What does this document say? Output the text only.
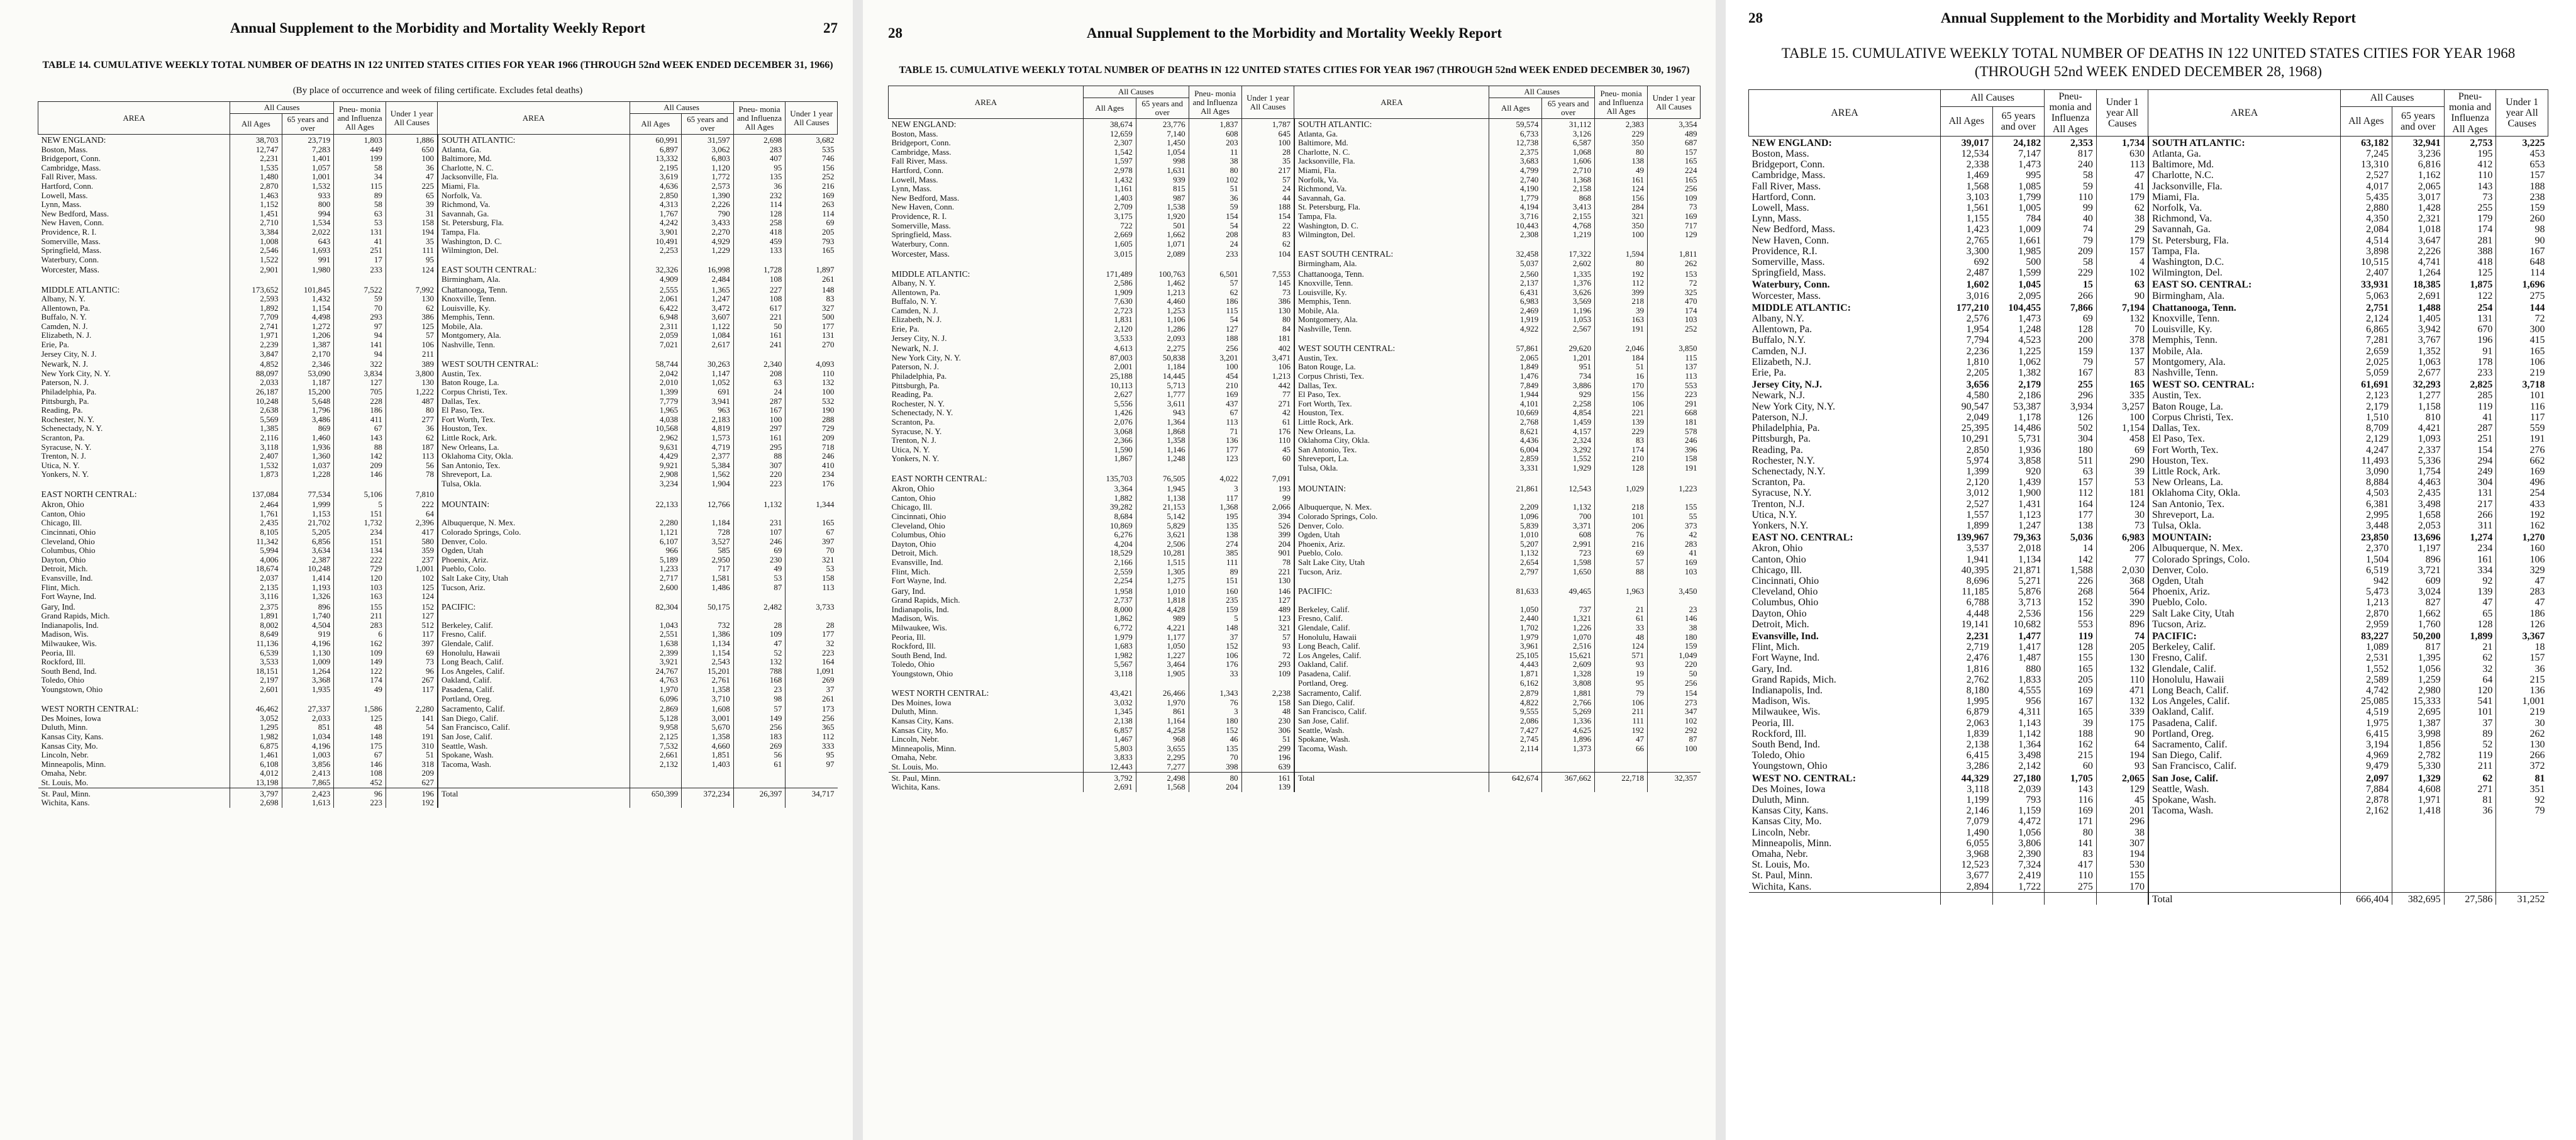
Annual Supplement to the Morbidity and Mortality Weekly Report	27
TABLE 14. CUMULATIVE WEEKLY TOTAL NUMBER OF DEATHS IN 122 UNITED STATES CITIES FOR YEAR 1966 (THROUGH 52nd WEEK ENDED DECEMBER 31, 1966)
(By place of occurrence and week of filing certificate. Excludes fetal deaths)
AREA	All Causes		Pneu- monia and Influenza All Ages	Under 1 year All Causes	AREA	All Causes		Pneu- monia and Influenza All Ages	Under 1 year All Causes
	All Ages	65 years and over				All Ages	65 years and over		
NEW ENGLAND:	38,703	23,719	1,803	1,886	SOUTH ATLANTIC:	60,991	31,597	2,698	3,682
Boston, Mass.	12,747	7,283	449	650	Atlanta, Ga.	6,897	3,062	283	535
Bridgeport, Conn.	2,231	1,401	199	100	Baltimore, Md.	13,332	6,803	407	746
Cambridge, Mass.	1,535	1,057	58	36	Charlotte, N. C.	2,195	1,120	95	156
Fall River, Mass.	1,480	1,001	34	47	Jacksonville, Fla.	3,619	1,772	135	252
Hartford, Conn.	2,870	1,532	115	225	Miami, Fla.	4,636	2,573	36	216
Lowell, Mass.	1,463	933	89	65	Norfolk, Va.	2,850	1,390	232	169
Lynn, Mass.	1,152	800	58	39	Richmond, Va.	4,313	2,226	114	263
New Bedford, Mass.	1,451	994	63	31	Savannah, Ga.	1,767	790	128	114
New Haven, Conn.	2,710	1,534	53	158	St. Petersburg, Fla.	4,242	3,433	258	69
Providence, R. I.	3,384	2,022	131	194	Tampa, Fla.	3,901	2,270	418	205
Somerville, Mass.	1,008	643	41	35	Washington, D. C.	10,491	4,929	459	793
Springfield, Mass.	2,546	1,693	251	111	Wilmington, Del.	2,253	1,229	133	165
Waterbury, Conn.	1,522	991	17	95					
Worcester, Mass.	2,901	1,980	233	124	EAST SOUTH CENTRAL:	32,326	16,998	1,728	1,897
					Birmingham, Ala.	4,909	2,484	108	261
MIDDLE ATLANTIC:	173,652	101,845	7,522	7,992	Chattanooga, Tenn.	2,555	1,365	227	148
Albany, N. Y.	2,593	1,432	59	130	Knoxville, Tenn.	2,061	1,247	108	83
Allentown, Pa.	1,892	1,154	70	62	Louisville, Ky.	6,422	3,472	617	327
Buffalo, N. Y.	7,709	4,498	293	386	Memphis, Tenn.	6,948	3,607	221	500
Camden, N. J.	2,741	1,272	97	125	Mobile, Ala.	2,311	1,122	50	177
Elizabeth, N. J.	1,971	1,206	94	57	Montgomery, Ala.	2,059	1,084	161	131
Erie, Pa.	2,239	1,387	141	106	Nashville, Tenn.	7,021	2,617	241	270
Jersey City, N. J.	3,847	2,170	94	211					
Newark, N. J.	4,852	2,346	322	389	WEST SOUTH CENTRAL:	58,744	30,263	2,340	4,093
New York City, N. Y.	88,097	53,090	3,834	3,800	Austin, Tex.	2,042	1,147	208	110
Paterson, N. J.	2,033	1,187	127	130	Baton Rouge, La.	2,010	1,052	63	132
Philadelphia, Pa.	26,187	15,200	705	1,222	Corpus Christi, Tex.	1,399	691	24	100
Pittsburgh, Pa.	10,248	5,648	228	487	Dallas, Tex.	7,779	3,941	287	532
Reading, Pa.	2,638	1,796	186	80	El Paso, Tex.	1,965	963	167	190
Rochester, N. Y.	5,569	3,486	411	277	Fort Worth, Tex.	4,038	2,183	100	288
Schenectady, N. Y.	1,385	869	67	36	Houston, Tex.	10,568	4,819	297	729
Scranton, Pa.	2,116	1,460	143	62	Little Rock, Ark.	2,962	1,573	161	209
Syracuse, N. Y.	3,118	1,936	88	187	New Orleans, La.	9,631	4,719	295	718
Trenton, N. J.	2,407	1,360	142	113	Oklahoma City, Okla.	4,429	2,377	88	246
Utica, N. Y.	1,532	1,037	209	56	San Antonio, Tex.	9,921	5,384	307	410
Yonkers, N. Y.	1,873	1,228	146	78	Shreveport, La.	2,908	1,562	220	234
					Tulsa, Okla.	3,234	1,904	223	176
EAST NORTH CENTRAL:	137,084	77,534	5,106	7,810					
Akron, Ohio	2,464	1,999	5	222	MOUNTAIN:	22,133	12,766	1,132	1,344
Canton, Ohio	1,761	1,153	151	64					
Chicago, Ill.	2,435	21,702	1,732	2,396	Albuquerque, N. Mex.	2,280	1,184	231	165
Cincinnati, Ohio	8,105	5,205	234	417	Colorado Springs, Colo.	1,121	728	107	67
Cleveland, Ohio	11,342	6,856	151	580	Denver, Colo.	6,107	3,527	246	397
Columbus, Ohio	5,994	3,634	134	359	Ogden, Utah	966	585	69	70
Dayton, Ohio	4,006	2,387	222	237	Phoenix, Ariz.	5,189	2,950	230	321
Detroit, Mich.	18,674	10,248	729	1,001	Pueblo, Colo.	1,233	717	49	53
Evansville, Ind.	2,037	1,414	120	102	Salt Lake City, Utah	2,717	1,581	53	158
Flint, Mich.	2,135	1,193	103	125	Tucson, Ariz.	2,600	1,486	87	113
Fort Wayne, Ind.	3,116	1,326	163	124					
Gary, Ind.	2,375	896	155	152	PACIFIC:	82,304	50,175	2,482	3,733
Grand Rapids, Mich.	1,891	1,740	211	127					
Indianapolis, Ind.	8,002	4,504	283	512	Berkeley, Calif.	1,043	732	28	28
Madison, Wis.	8,649	919	6	117	Fresno, Calif.	2,551	1,386	109	177
Milwaukee, Wis.	11,136	4,196	162	397	Glendale, Calif.	1,638	1,134	47	32
Peoria, Ill.	6,539	1,130	109	69	Honolulu, Hawaii	2,399	1,154	52	223
Rockford, Ill.	3,533	1,009	149	73	Long Beach, Calif.	3,921	2,543	132	164
South Bend, Ind.	18,151	1,264	122	96	Los Angeles, Calif.	24,767	15,201	788	1,091
Toledo, Ohio	2,197	3,368	174	267	Oakland, Calif.	4,763	2,761	168	269
Youngstown, Ohio	2,601	1,935	49	117	Pasadena, Calif.	1,970	1,358	23	37
					Portland, Oreg.	6,096	3,710	98	261
WEST NORTH CENTRAL:	46,462	27,337	1,586	2,280	Sacramento, Calif.	2,869	1,608	57	173
Des Moines, Iowa	3,052	2,033	125	141	San Diego, Calif.	5,128	3,001	149	256
Duluth, Minn.	1,295	851	48	54	San Francisco, Calif.	9,958	5,670	256	365
Kansas City, Kans.	1,982	1,034	148	191	San Jose, Calif.	2,125	1,358	183	112
Kansas City, Mo.	6,875	4,196	175	310	Seattle, Wash.	7,532	4,660	269	333
Lincoln, Nebr.	1,461	1,003	67	51	Spokane, Wash.	2,661	1,851	56	95
Minneapolis, Minn.	6,108	3,856	146	318	Tacoma, Wash.	2,132	1,403	61	97
Omaha, Nebr.	4,012	2,413	108	209					
St. Louis, Mo.	13,198	7,865	452	627					
St. Paul, Minn.	3,797	2,423	96	196	Total	650,399	372,234	26,397	34,717
Wichita, Kans.	2,698	1,613	223	192					
28	Annual Supplement to the Morbidity and Mortality Weekly Report
TABLE 15. CUMULATIVE WEEKLY TOTAL NUMBER OF DEATHS IN 122 UNITED STATES CITIES FOR YEAR 1967 (THROUGH 52nd WEEK ENDED DECEMBER 30, 1967)
AREA	All Causes		Pneu- monia and Influenza All Ages	Under 1 year All Causes	AREA	All Causes		Pneu- monia and Influenza All Ages	Under 1 year All Causes
	All Ages	65 years and over				All Ages	65 years and over		
NEW ENGLAND:	38,674	23,776	1,837	1,787	SOUTH ATLANTIC:	59,574	31,112	2,383	3,354
Boston, Mass.	12,659	7,140	608	645	Atlanta, Ga.	6,733	3,126	229	489
Bridgeport, Conn.	2,307	1,450	203	100	Baltimore, Md.	12,738	6,587	350	687
Cambridge, Mass.	1,542	1,054	11	28	Charlotte, N. C.	2,375	1,068	80	157
Fall River, Mass.	1,597	998	38	35	Jacksonville, Fla.	3,683	1,606	138	165
Hartford, Conn.	2,978	1,631	80	217	Miami, Fla.	4,799	2,710	49	224
Lowell, Mass.	1,432	939	102	57	Norfolk, Va.	2,740	1,368	161	165
Lynn, Mass.	1,161	815	51	24	Richmond, Va.	4,190	2,158	124	256
New Bedford, Mass.	1,403	987	36	44	Savannah, Ga.	1,779	868	156	109
New Haven, Conn.	2,709	1,538	59	188	St. Petersburg, Fla.	4,194	3,413	284	73
Providence, R. I.	3,175	1,920	154	154	Tampa, Fla.	3,716	2,155	321	169
Somerville, Mass.	722	501	54	22	Washington, D. C.	10,443	4,768	350	717
Springfield, Mass.	2,669	1,662	208	83	Wilmington, Del.	2,308	1,219	100	129
Waterbury, Conn.	1,605	1,071	24	62					
Worcester, Mass.	3,015	2,089	233	104	EAST SOUTH CENTRAL:	32,458	17,322	1,594	1,811
					Birmingham, Ala.	5,037	2,602	80	262
MIDDLE ATLANTIC:	171,489	100,763	6,501	7,553	Chattanooga, Tenn.	2,560	1,335	192	153
Albany, N. Y.	2,586	1,462	57	145	Knoxville, Tenn.	2,137	1,376	112	72
Allentown, Pa.	1,909	1,213	62	73	Louisville, Ky.	6,431	3,626	399	325
Buffalo, N. Y.	7,630	4,460	186	386	Memphis, Tenn.	6,983	3,569	218	470
Camden, N. J.	2,723	1,253	115	130	Mobile, Ala.	2,469	1,196	39	174
Elizabeth, N. J.	1,831	1,106	54	80	Montgomery, Ala.	1,919	1,053	163	103
Erie, Pa.	2,120	1,286	127	84	Nashville, Tenn.	4,922	2,567	191	252
Jersey City, N. J.	3,533	2,093	188	181					
Newark, N. J.	4,613	2,275	256	402	WEST SOUTH CENTRAL:	57,861	29,620	2,046	3,850
New York City, N. Y.	87,003	50,838	3,201	3,471	Austin, Tex.	2,065	1,201	184	115
Paterson, N. J.	2,001	1,184	100	106	Baton Rouge, La.	1,849	951	51	137
Philadelphia, Pa.	25,188	14,445	454	1,213	Corpus Christi, Tex.	1,476	734	16	113
Pittsburgh, Pa.	10,113	5,713	210	442	Dallas, Tex.	7,849	3,886	170	553
Reading, Pa.	2,627	1,777	169	77	El Paso, Tex.	1,944	929	156	223
Rochester, N. Y.	5,556	3,611	437	271	Fort Worth, Tex.	4,101	2,258	106	291
Schenectady, N. Y.	1,426	943	67	42	Houston, Tex.	10,669	4,854	221	668
Scranton, Pa.	2,076	1,364	113	61	Little Rock, Ark.	2,768	1,459	139	181
Syracuse, N. Y.	3,068	1,868	71	176	New Orleans, La.	8,621	4,157	229	578
Trenton, N. J.	2,366	1,358	136	110	Oklahoma City, Okla.	4,436	2,324	83	246
Utica, N. Y.	1,590	1,146	177	45	San Antonio, Tex.	6,004	3,292	174	396
Yonkers, N. Y.	1,867	1,248	123	60	Shreveport, La.	2,859	1,552	210	158
					Tulsa, Okla.	3,331	1,929	128	191
EAST NORTH CENTRAL:	135,703	76,505	4,022	7,091					
Akron, Ohio	3,364	1,945	3	193	MOUNTAIN:	21,861	12,543	1,029	1,223
Canton, Ohio	1,882	1,138	117	99					
Chicago, Ill.	39,282	21,153	1,368	2,066	Albuquerque, N. Mex.	2,209	1,132	218	155
Cincinnati, Ohio	8,684	5,142	195	394	Colorado Springs, Colo.	1,096	700	101	55
Cleveland, Ohio	10,869	5,829	135	526	Denver, Colo.	5,839	3,371	206	373
Columbus, Ohio	6,276	3,621	138	399	Ogden, Utah	1,010	608	76	42
Dayton, Ohio	4,204	2,506	274	204	Phoenix, Ariz.	5,207	2,991	216	283
Detroit, Mich.	18,529	10,281	385	901	Pueblo, Colo.	1,132	723	69	41
Evansville, Ind.	2,166	1,515	111	78	Salt Lake City, Utah	2,654	1,598	57	169
Flint, Mich.	2,559	1,305	89	221	Tucson, Ariz.	2,797	1,650	88	103
Fort Wayne, Ind.	2,254	1,275	151	130					
Gary, Ind.	1,958	1,010	160	146	PACIFIC:	81,633	49,465	1,963	3,450
Grand Rapids, Mich.	2,737	1,818	235	127					
Indianapolis, Ind.	8,000	4,428	159	489	Berkeley, Calif.	1,050	737	21	23
Madison, Wis.	1,862	989	5	123	Fresno, Calif.	2,440	1,321	61	146
Milwaukee, Wis.	6,772	4,221	148	321	Glendale, Calif.	1,702	1,226	33	38
Peoria, Ill.	1,979	1,177	37	57	Honolulu, Hawaii	1,979	1,070	48	180
Rockford, Ill.	1,683	1,050	152	93	Long Beach, Calif.	3,961	2,516	124	159
South Bend, Ind.	1,982	1,227	106	72	Los Angeles, Calif.	25,105	15,621	571	1,049
Toledo, Ohio	5,567	3,464	176	293	Oakland, Calif.	4,443	2,609	93	220
Youngstown, Ohio	3,118	1,905	33	109	Pasadena, Calif.	1,871	1,328	19	50
					Portland, Oreg.	6,162	3,808	95	256
WEST NORTH CENTRAL:	43,421	26,466	1,343	2,238	Sacramento, Calif.	2,879	1,881	79	154
Des Moines, Iowa	3,032	1,970	76	158	San Diego, Calif.	4,822	2,766	106	273
Duluth, Minn.	1,345	861	3	48	San Francisco, Calif.	9,555	5,269	211	347
Kansas City, Kans.	2,138	1,164	180	230	San Jose, Calif.	2,086	1,336	111	102
Kansas City, Mo.	6,857	4,258	152	306	Seattle, Wash.	7,427	4,625	192	292
Lincoln, Nebr.	1,467	968	46	51	Spokane, Wash.	2,745	1,896	47	87
Minneapolis, Minn.	5,803	3,655	135	299	Tacoma, Wash.	2,114	1,373	66	100
Omaha, Nebr.	3,833	2,295	70	196					
St. Louis, Mo.	12,443	7,277	398	639					
St. Paul, Minn.	3,792	2,498	80	161	Total	642,674	367,662	22,718	32,357
Wichita, Kans.	2,691	1,568	204	139					
28	Annual Supplement to the Morbidity and Mortality Weekly Report
TABLE 15. CUMULATIVE WEEKLY TOTAL NUMBER OF DEATHS IN 122 UNITED STATES CITIES FOR YEAR 1968 (THROUGH 52nd WEEK ENDED DECEMBER 28, 1968)
AREA	All Causes		Pneu- monia and Influenza All Ages	Under 1 year All Causes	AREA	All Causes		Pneu- monia and Influenza All Ages	Under 1 year All Causes
	All Ages	65 years and over				All Ages	65 years and over		
NEW ENGLAND:	39,017	24,182	2,353	1,734	SOUTH ATLANTIC:	63,182	32,941	2,753	3,225
Boston, Mass.	12,534	7,147	817	630	Atlanta, Ga.	7,245	3,236	195	453
Bridgeport, Conn.	2,338	1,473	240	113	Baltimore, Md.	13,310	6,816	412	653
Cambridge, Mass.	1,469	995	58	47	Charlotte, N.C.	2,527	1,162	110	157
Fall River, Mass.	1,568	1,085	59	41	Jacksonville, Fla.	4,017	2,065	143	188
Hartford, Conn.	3,103	1,799	110	179	Miami, Fla.	5,435	3,017	73	238
Lowell, Mass.	1,561	1,005	99	62	Norfolk, Va.	2,880	1,428	255	159
Lynn, Mass.	1,155	784	40	38	Richmond, Va.	4,350	2,321	179	260
New Bedford, Mass.	1,423	1,009	74	29	Savannah, Ga.	2,084	1,018	174	98
New Haven, Conn.	2,765	1,661	79	179	St. Petersburg, Fla.	4,514	3,647	281	90
Providence, R.I.	3,300	1,985	209	157	Tampa, Fla.	3,898	2,226	388	167
Somerville, Mass.	692	500	58	4	Washington, D.C.	10,515	4,741	418	648
Springfield, Mass.	2,487	1,599	229	102	Wilmington, Del.	2,407	1,264	125	114
Waterbury, Conn.	1,602	1,045	15	63	EAST SO. CENTRAL:	33,931	18,385	1,875	1,696
Worcester, Mass.	3,016	2,095	266	90	Birmingham, Ala.	5,063	2,691	122	275
MIDDLE ATLANTIC:	177,210	104,455	7,866	7,194	Chattanooga, Tenn.	2,751	1,488	254	144
Albany, N.Y.	2,576	1,473	69	132	Knoxville, Tenn.	2,124	1,405	131	72
Allentown, Pa.	1,954	1,248	128	70	Louisville, Ky.	6,865	3,942	670	300
Buffalo, N.Y.	7,794	4,523	200	378	Memphis, Tenn.	7,281	3,767	196	415
Camden, N.J.	2,236	1,225	159	137	Mobile, Ala.	2,659	1,352	91	165
Elizabeth, N.J.	1,810	1,062	79	57	Montgomery, Ala.	2,025	1,063	178	106
Erie, Pa.	2,205	1,382	167	83	Nashville, Tenn.	5,059	2,677	233	219
Jersey City, N.J.	3,656	2,179	255	165	WEST SO. CENTRAL:	61,691	32,293	2,825	3,718
Newark, N.J.	4,580	2,186	296	335	Austin, Tex.	2,123	1,277	285	101
New York City, N.Y.	90,547	53,387	3,934	3,257	Baton Rouge, La.	2,179	1,158	119	116
Paterson, N.J.	2,049	1,178	126	100	Corpus Christi, Tex.	1,510	810	41	117
Philadelphia, Pa.	25,395	14,486	502	1,154	Dallas, Tex.	8,709	4,421	287	559
Pittsburgh, Pa.	10,291	5,731	304	458	El Paso, Tex.	2,129	1,093	251	191
Reading, Pa.	2,850	1,936	180	69	Fort Worth, Tex.	4,247	2,337	154	276
Rochester, N.Y.	5,974	3,858	511	290	Houston, Tex.	11,493	5,336	294	662
Schenectady, N.Y.	1,399	920	63	39	Little Rock, Ark.	3,090	1,754	249	169
Scranton, Pa.	2,120	1,439	157	53	New Orleans, La.	8,884	4,463	304	496
Syracuse, N.Y.	3,012	1,900	112	181	Oklahoma City, Okla.	4,503	2,435	131	254
Trenton, N.J.	2,527	1,431	164	124	San Antonio, Tex.	6,381	3,498	217	433
Utica, N.Y.	1,557	1,123	177	30	Shreveport, La.	2,995	1,658	266	192
Yonkers, N.Y.	1,899	1,247	138	73	Tulsa, Okla.	3,448	2,053	311	162
EAST NO. CENTRAL:	139,967	79,363	5,036	6,983	MOUNTAIN:	23,850	13,696	1,274	1,270
Akron, Ohio	3,537	2,018	14	206	Albuquerque, N. Mex.	2,370	1,197	234	160
Canton, Ohio	1,941	1,134	142	77	Colorado Springs, Colo.	1,504	896	161	106
Chicago, Ill.	40,395	21,871	1,588	2,030	Denver, Colo.	6,519	3,721	334	329
Cincinnati, Ohio	8,696	5,271	226	368	Ogden, Utah	942	609	92	47
Cleveland, Ohio	11,185	5,876	268	564	Phoenix, Ariz.	5,473	3,024	139	283
Columbus, Ohio	6,788	3,713	152	390	Pueblo, Colo.	1,213	827	47	47
Dayton, Ohio	4,448	2,536	156	229	Salt Lake City, Utah	2,870	1,662	65	186
Detroit, Mich.	19,141	10,682	553	896	Tucson, Ariz.	2,959	1,760	128	126
Evansville, Ind.	2,231	1,477	119	74	PACIFIC:	83,227	50,200	1,899	3,367
Flint, Mich.	2,719	1,417	128	205	Berkeley, Calif.	1,089	817	21	18
Fort Wayne, Ind.	2,476	1,487	155	130	Fresno, Calif.	2,531	1,395	62	157
Gary, Ind.	1,816	880	165	132	Glendale, Calif.	1,552	1,056	32	36
Grand Rapids, Mich.	2,762	1,833	205	110	Honolulu, Hawaii	2,589	1,259	64	215
Indianapolis, Ind.	8,180	4,555	169	471	Long Beach, Calif.	4,742	2,980	120	136
Madison, Wis.	1,995	956	167	132	Los Angeles, Calif.	25,085	15,333	541	1,001
Milwaukee, Wis.	6,879	4,311	165	339	Oakland, Calif.	4,519	2,695	101	219
Peoria, Ill.	2,063	1,143	39	175	Pasadena, Calif.	1,975	1,387	37	30
Rockford, Ill.	1,839	1,142	188	90	Portland, Oreg.	6,415	3,998	89	262
South Bend, Ind.	2,138	1,364	162	64	Sacramento, Calif.	3,194	1,856	52	130
Toledo, Ohio	6,415	3,498	215	194	San Diego, Calif.	4,969	2,782	119	266
Youngstown, Ohio	3,286	2,142	60	93	San Francisco, Calif.	9,479	5,330	211	372
WEST NO. CENTRAL:	44,329	27,180	1,705	2,065	San Jose, Calif.	2,097	1,329	62	81
Des Moines, Iowa	3,118	2,039	143	129	Seattle, Wash.	7,884	4,608	271	351
Duluth, Minn.	1,199	793	116	45	Spokane, Wash.	2,878	1,971	81	92
Kansas City, Kans.	2,146	1,159	169	201	Tacoma, Wash.	2,162	1,418	36	79
Kansas City, Mo.	7,079	4,472	171	296					
Lincoln, Nebr.	1,490	1,056	80	38					
Minneapolis, Minn.	6,055	3,806	141	307					
Omaha, Nebr.	3,968	2,390	83	194					
St. Louis, Mo.	12,523	7,324	417	530					
St. Paul, Minn.	3,677	2,419	110	155					
Wichita, Kans.	2,894	1,722	275	170					

					Total	666,404	382,695	27,586	31,252
